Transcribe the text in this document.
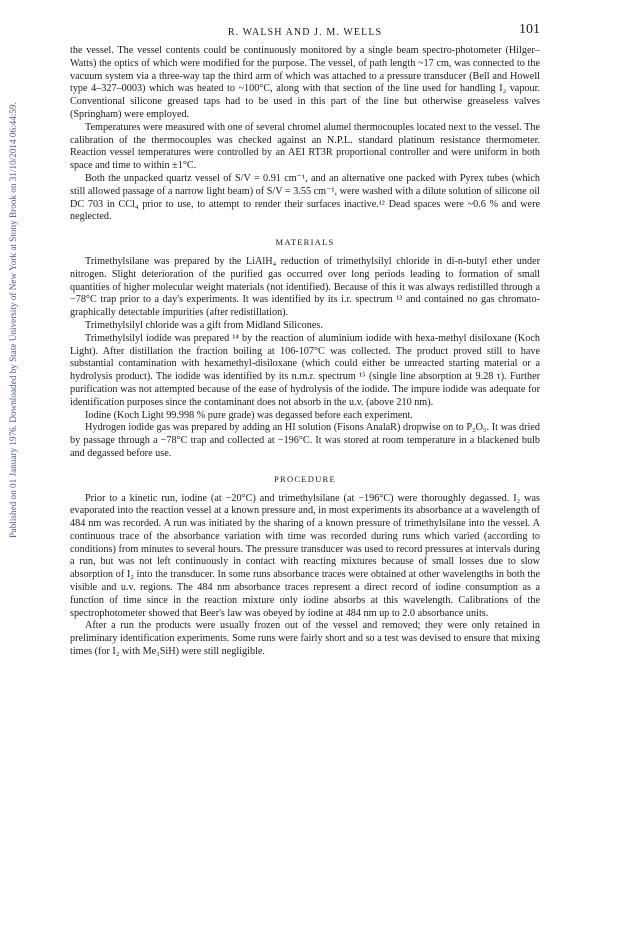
Published on 01 January 1976. Downloaded by State University of New York at Stony Brook on 31/10/2014 06:44:59.
R. WALSH AND J. M. WELLS	101

the vessel. The vessel contents could be continuously monitored by a single beam spectro-photometer (Hilger–Watts) the optics of which were modified for the purpose. The vessel, of path length ~17 cm, was connected to the vacuum system via a three-way tap the third arm of which was attached to a pressure transducer (Bell and Howell type 4–327–0003) which was heated to ~100°C, along with that section of the line used for handling I₂ vapour. Conventional silicone greased taps had to be used in this part of the line but otherwise greaseless valves (Springham) were employed.

Temperatures were measured with one of several chromel alumel thermocouples located next to the vessel. The calibration of the thermocouples was checked against an N.P.L. standard platinum resistance thermometer. Reaction vessel temperatures were controlled by an AEI RT3R proportional controller and were uniform in both space and time to within ±1°C.

Both the unpacked quartz vessel of S/V = 0.91 cm⁻¹, and an alternative one packed with Pyrex tubes (which still allowed passage of a narrow light beam) of S/V = 3.55 cm⁻¹, were washed with a dilute solution of silicone oil DC 703 in CCl₄ prior to use, to attempt to render their surfaces inactive.¹² Dead spaces were ~0.6 % and were neglected.

MATERIALS

Trimethylsilane was prepared by the LiAlH₄ reduction of trimethylsilyl chloride in di-n-butyl ether under nitrogen. Slight deterioration of the purified gas occurred over long periods leading to formation of small quantities of higher molecular weight materials (not identified). Because of this it was always redistilled through a −78°C trap prior to a day's experiments. It was identified by its i.r. spectrum ¹³ and contained no gas chromato-graphically detectable impurities (after redistillation).

Trimethylsilyl chloride was a gift from Midland Silicones.

Trimethylsilyl iodide was prepared ¹⁴ by the reaction of aluminium iodide with hexa-methyl disiloxane (Koch Light). After distillation the fraction boiling at 106-107°C was collected. The product proved still to have substantial contamination with hexamethyl-disiloxane (which could either be unreacted starting material or a hydrolysis product). The iodide was identified by its n.m.r. spectrum ¹⁵ (single line absorption at 9.28 τ). Further purification was not attempted because of the ease of hydrolysis of the iodide. The impure iodide was adequate for identification purposes since the contaminant does not absorb in the u.v. (above 210 nm).

Iodine (Koch Light 99.998 % pure grade) was degassed before each experiment.

Hydrogen iodide gas was prepared by adding an HI solution (Fisons AnalaR) dropwise on to P₂O₅. It was dried by passage through a −78°C trap and collected at −196°C. It was stored at room temperature in a blackened bulb and degassed before use.

PROCEDURE

Prior to a kinetic run, iodine (at −20°C) and trimethylsilane (at −196°C) were thoroughly degassed. I₂ was evaporated into the reaction vessel at a known pressure and, in most experiments its absorbance at a wavelength of 484 nm was recorded. A run was initiated by the sharing of a known pressure of trimethylsilane into the vessel. A continuous trace of the absorbance variation with time was recorded during runs which varied (according to conditions) from minutes to several hours. The pressure transducer was used to record pressures at intervals during a run, but was not left continuously in contact with reacting mixtures because of small losses due to slow absorption of I₂ into the transducer. In some runs absorbance traces were obtained at other wavelengths in both the visible and u.v. regions. The 484 nm absorbance traces represent a direct record of iodine consumption as a function of time since in the reaction mixture only iodine absorbs at this wavelength. Calibrations of the spectrophotometer showed that Beer's law was obeyed by iodine at 484 nm up to 2.0 absorbance units.

After a run the products were usually frozen out of the vessel and removed; they were only retained in preliminary identification experiments. Some runs were fairly short and so a test was devised to ensure that mixing times (for I₂ with Me₃SiH) were still negligible.
